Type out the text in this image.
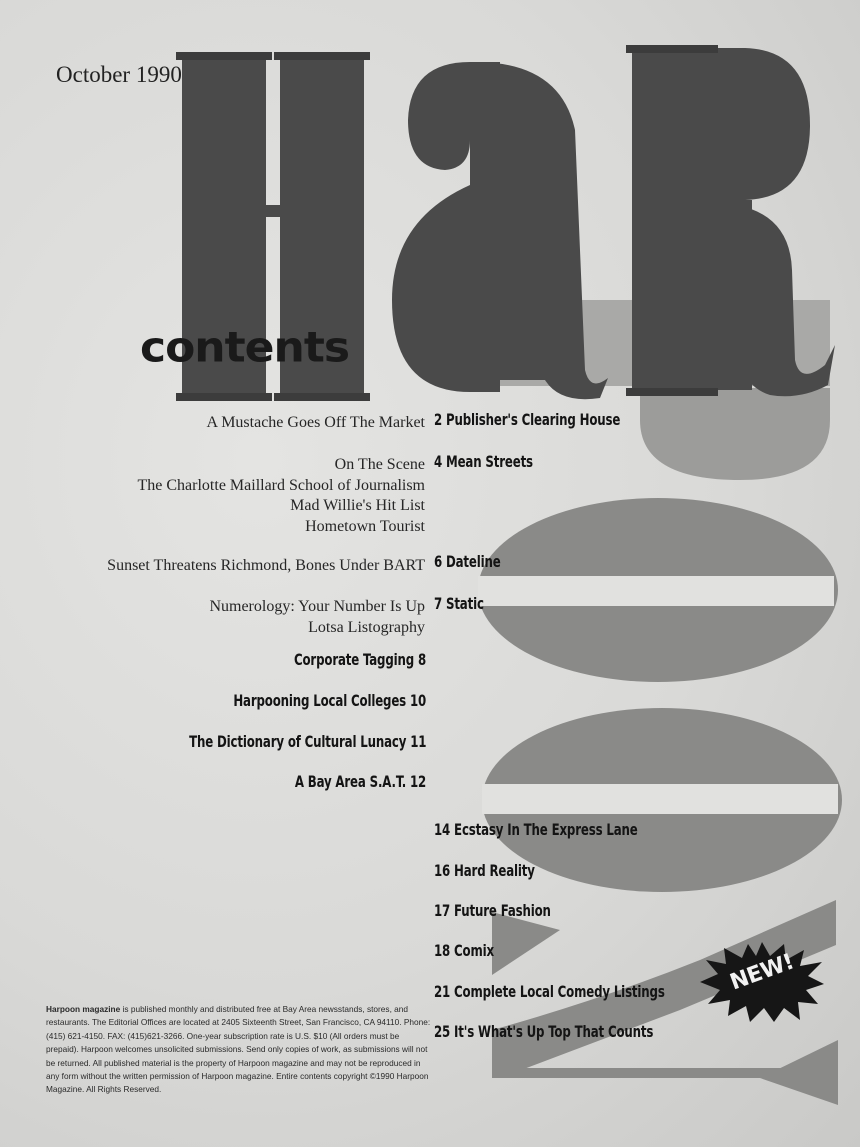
October 1990
contents
A Mustache Goes Off The Market
On The Scene
The Charlotte Maillard School of Journalism
Mad Willie's Hit List
Hometown Tourist
Sunset Threatens Richmond, Bones Under BART
Numerology: Your Number Is Up
Lotsa Listography
2 Publisher's Clearing House
4 Mean Streets
6 Dateline
7 Static
Corporate Tagging 8
Harpooning Local Colleges 10
The Dictionary of Cultural Lunacy 11
A Bay Area S.A.T. 12
14 Ecstasy In The Express Lane
16 Hard Reality
17 Future Fashion
18 Comix
21 Complete Local Comedy Listings
25 It's What's Up Top That Counts
NEW!
Harpoon magazine is published monthly and distributed free at Bay Area newsstands, stores, and restaurants. The Editorial Offices are located at 2405 Sixteenth Street, San Francisco, CA 94110. Phone: (415) 621-4150. FAX: (415)621-3266. One-year subscription rate is U.S. $10 (All orders must be prepaid). Harpoon welcomes unsolicited submissions. Send only copies of work, as submissions will not be returned. All published material is the property of Harpoon magazine and may not be reproduced in any form without the written permission of Harpoon magazine. Entire contents copyright ©1990 Harpoon Magazine. All Rights Reserved.
